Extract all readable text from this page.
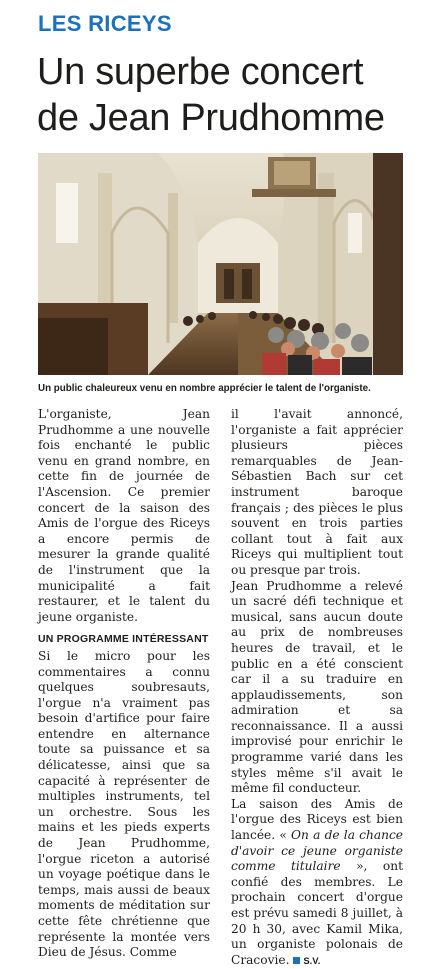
LES RICEYS
Un superbe concert
de Jean Prudhomme
Un public chaleureux venu en nombre apprécier le talent de l'organiste.

L'organiste, Jean Prudhomme a une nouvelle fois enchanté le public venu en grand nombre, en cette fin de journée de l'Ascension. Ce premier concert de la saison des Amis de l'orgue des Riceys a encore permis de mesurer la grande qualité de l'instrument que la municipalité a fait restaurer, et le talent du jeune organiste.

UN PROGRAMME INTÉRESSANT

Si le micro pour les commentaires a connu quelques soubresauts, l'orgue n'a vraiment pas besoin d'artifice pour faire entendre en alternance toute sa puissance et sa délicatesse, ainsi que sa capacité à représenter de multiples instruments, tel un orchestre. Sous les mains et les pieds experts de Jean Prudhomme, l'orgue riceton a autorisé un voyage poétique dans le temps, mais aussi de beaux moments de méditation sur cette fête chrétienne que représente la montée vers Dieu de Jésus. Comme

il l'avait annoncé, l'organiste a fait apprécier plusieurs pièces remarquables de Jean-Sébastien Bach sur cet instrument baroque français ; des pièces le plus souvent en trois parties collant tout à fait aux Riceys qui multiplient tout ou presque par trois.

Jean Prudhomme a relevé un sacré défi technique et musical, sans aucun doute au prix de nombreuses heures de travail, et le public en a été conscient car il a su traduire en applaudissements, son admiration et sa reconnaissance. Il a aussi improvisé pour enrichir le programme varié dans les styles même s'il avait le même fil conducteur.

La saison des Amis de l'orgue des Riceys est bien lancée. « On a de la chance d'avoir ce jeune organiste comme titulaire », ont confié des membres. Le prochain concert d'orgue est prévu samedi 8 juillet, à 20 h 30, avec Kamil Mika, un organiste polonais de Cracovie. S.V.
